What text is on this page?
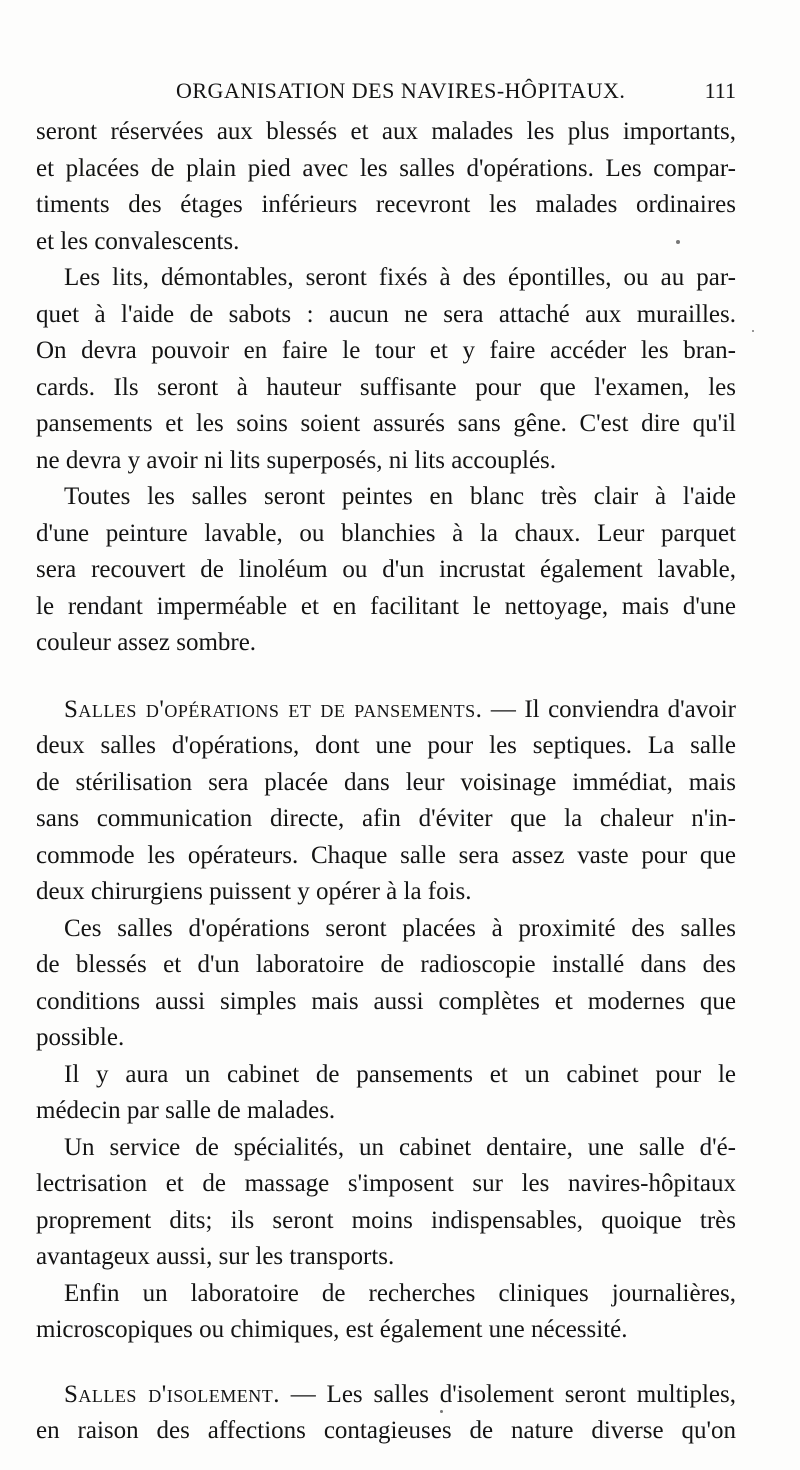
ORGANISATION DES NAVIRES-HÔPITAUX.	111
seront réservées aux blessés et aux malades les plus importants,
et placées de plain pied avec les salles d'opérations. Les compar-
timents des étages inférieurs recevront les malades ordinaires
et les convalescents.
Les lits, démontables, seront fixés à des épontilles, ou au par-
quet à l'aide de sabots : aucun ne sera attaché aux murailles.
On devra pouvoir en faire le tour et y faire accéder les bran-
cards. Ils seront à hauteur suffisante pour que l'examen, les
pansements et les soins soient assurés sans gêne. C'est dire qu'il
ne devra y avoir ni lits superposés, ni lits accouplés.
Toutes les salles seront peintes en blanc très clair à l'aide
d'une peinture lavable, ou blanchies à la chaux. Leur parquet
sera recouvert de linoléum ou d'un incrustat également lavable,
le rendant imperméable et en facilitant le nettoyage, mais d'une
couleur assez sombre.
Salles d'opérations et de pansements. — Il conviendra d'avoir
deux salles d'opérations, dont une pour les septiques. La salle
de stérilisation sera placée dans leur voisinage immédiat, mais
sans communication directe, afin d'éviter que la chaleur n'in-
commode les opérateurs. Chaque salle sera assez vaste pour que
deux chirurgiens puissent y opérer à la fois.
Ces salles d'opérations seront placées à proximité des salles
de blessés et d'un laboratoire de radioscopie installé dans des
conditions aussi simples mais aussi complètes et modernes que
possible.
Il y aura un cabinet de pansements et un cabinet pour le
médecin par salle de malades.
Un service de spécialités, un cabinet dentaire, une salle d'é-
lectrisation et de massage s'imposent sur les navires-hôpitaux
proprement dits; ils seront moins indispensables, quoique très
avantageux aussi, sur les transports.
Enfin un laboratoire de recherches cliniques journalières,
microscopiques ou chimiques, est également une nécessité.
Salles d'isolement. — Les salles d'isolement seront multiples,
en raison des affections contagieuses de nature diverse qu'on
